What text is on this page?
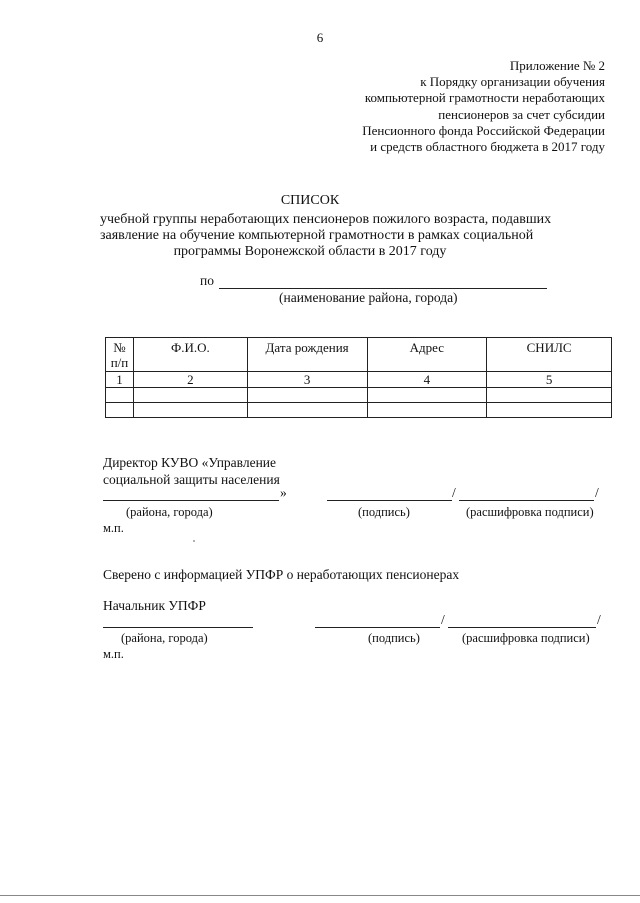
6
Приложение № 2
к Порядку организации обучения
компьютерной грамотности неработающих
пенсионеров за счет субсидии
Пенсионного фонда Российской Федерации
и средств областного бюджета в 2017 году
СПИСОК
учебной группы неработающих пенсионеров пожилого возраста, подавших
заявление на обучение компьютерной грамотности в рамках социальной
программы Воронежской области в 2017 году
по
(наименование района, города)
№
п/п	Ф.И.О.	Дата рождения	Адрес	СНИЛС
1	2	3	4	5

Директор КУВО «Управление
социальной защиты населения
»	/	/
(района, города)	(подпись)	(расшифровка подписи)
м.п.
Сверено с информацией УПФР о неработающих пенсионерах
Начальник УПФР
/	/
(района, города)	(подпись)	(расшифровка подписи)
м.п.
